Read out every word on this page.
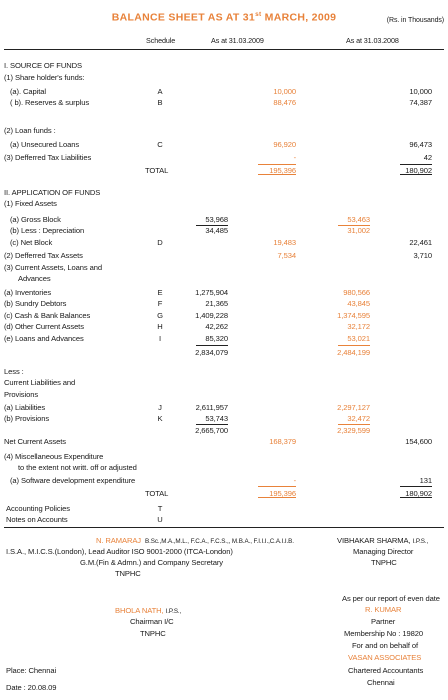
BALANCE SHEET AS AT 31st MARCH, 2009	(Rs. in Thousands)
Schedule	As at 31.03.2009	As at 31.03.2008
I. SOURCE OF FUNDS
(1) Share holder's funds:
(a). Capital	A	10,000	10,000
( b). Reserves & surplus	B	88,476	74,387
(2) Loan funds :
(a) Unsecured Loans	C	96,920	96,473
(3) Defferred Tax Liabilities	-	42
TOTAL	195,396	180,902
II. APPLICATION OF FUNDS
(1) Fixed Assets
(a) Gross Block	53,968	53,463
(b) Less : Depreciation	34,485	31,002
(c) Net Block	D	19,483	22,461
(2) Defferred Tax Assets	7,534	3,710
(3) Current Assets, Loans and
Advances
(a) Inventories	E	1,275,904	980,566
(b) Sundry Debtors	F	21,365	43,845
(c) Cash & Bank Balances	G	1,409,228	1,374,595
(d) Other Current Assets	H	42,262	32,172
(e) Loans and Advances	I	85,320	53,021
2,834,079	2,484,199
Less :
Current Liabilities and
Provisions
(a) Liabilities	J	2,611,957	2,297,127
(b) Provisions	K	53,743	32,472
2,665,700	2,329,599
Net Current Assets	168,379	154,600
(4) Miscellaneous Expenditure
to the extent not writt. off or adjusted
(a) Software development expenditure	-	131
TOTAL	195,396	180,902
Accounting Policies	T
Notes on Accounts	U
N. RAMARAJ B.Sc.,M.A.,M.L., F.C.A., F.C.S.,, M.B.A., F.I.I.I.,C.A.I.I.B.
I.S.A., M.I.C.S.(London), Lead Auditor ISO 9001-2000 (ITCA-London)
G.M.(Fin & Admn.) and Company Secretary
TNPHC
VIBHAKAR SHARMA, I.P.S.,
Managing Director
TNPHC
As per our report of even date
R. KUMAR
Partner
Membership No : 19820
For and on behalf of
VASAN ASSOCIATES
Chartered Accountants
Chennai
BHOLA NATH, I.P.S.,
Chairman I/C
TNPHC
Place: Chennai
Date : 20.08.09
